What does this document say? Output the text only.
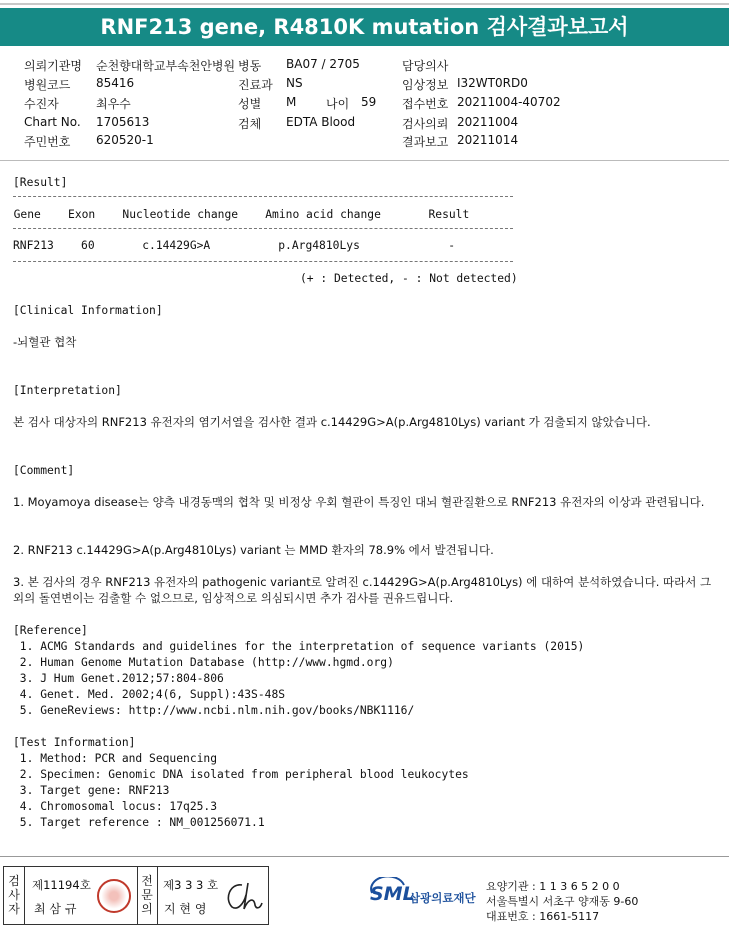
RNF213 gene, R4810K mutation 검사결과보고서
의뢰기관명 순천향대학교부속천안병원
병원코드 85416
수진자	최우수
Chart No. 1705613
주민번호 620520-1
병동 BA07 / 2705
진료과 NS
성별 M
검체 EDTA Blood
나이 59
담당의사
임상정보 I32WT0RD0
접수번호 20211004-40702
검사의뢰 20211004
결과보고 20211014
[Result]
Gene    Exon    Nucleotide change    Amino acid change       Result
RNF213    60       c.14429G>A          p.Arg4810Lys             -
(+ : Detected, - : Not detected)
[Clinical Information]
-뇌혈관 협착
[Interpretation]
본 검사 대상자의 RNF213 유전자의 염기서열을 검사한 결과 c.14429G>A(p.Arg4810Lys) variant 가 검출되지 않았습니다.
[Comment]
1. Moyamoya disease는 양측 내경동맥의 협착 및 비정상 우회 혈관이 특징인 대뇌 혈관질환으로 RNF213 유전자의 이상과 관련됩니다.
2. RNF213 c.14429G>A(p.Arg4810Lys) variant 는 MMD 환자의 78.9% 에서 발견됩니다.
3. 본 검사의 경우 RNF213 유전자의 pathogenic variant로 알려진 c.14429G>A(p.Arg4810Lys) 에 대하여 분석하였습니다. 따라서 그 외의 돌연변이는 검출할 수 없으므로, 임상적으로 의심되시면 추가 검사를 권유드립니다.
[Reference]
1. ACMG Standards and guidelines for the interpretation of sequence variants (2015)
2. Human Genome Mutation Database (http://www.hgmd.org)
3. J Hum Genet.2012;57:804-806
4. Genet. Med. 2002;4(6, Suppl):43S-48S
5. GeneReviews: http://www.ncbi.nlm.nih.gov/books/NBK1116/
[Test Information]
1. Method: PCR and Sequencing
2. Specimen: Genomic DNA isolated from peripheral blood leukocytes
3. Target gene: RNF213
4. Chromosomal locus: 17q25.3
5. Target reference : NM_001256071.1
검
사
자
제11194호
최 삼 규
전
문
의
제3 3 3 호
지 현 영
SML
삼광의료재단
요양기관 : 1 1 3 6 5 2 0 0
서울특별시 서초구 양재동 9-60
대표번호 : 1661-5117
